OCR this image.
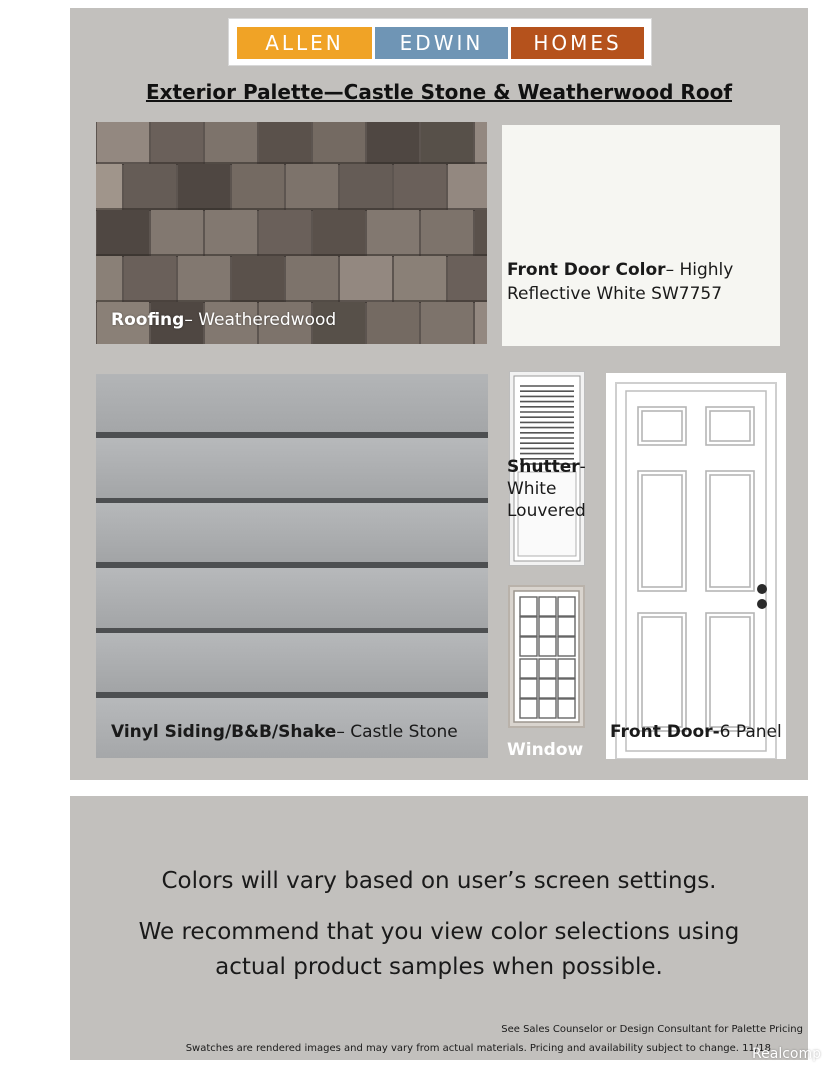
ALLEN	EDWIN	HOMES
Exterior Palette—Castle Stone & Weatherwood Roof
Roofing– Weatheredwood
Front Door Color– Highly Reflective White SW7757
Vinyl Siding/B&B/Shake– Castle Stone
Shutter- White Louvered
Window
Front Door-6 Panel
Colors will vary based on user’s screen settings.
We recommend that you view color selections using actual product samples when possible.
See Sales Counselor or Design Consultant for Palette Pricing
Swatches are rendered images and may vary from actual materials. Pricing and availability subject to change. 11/18
Realcomp
